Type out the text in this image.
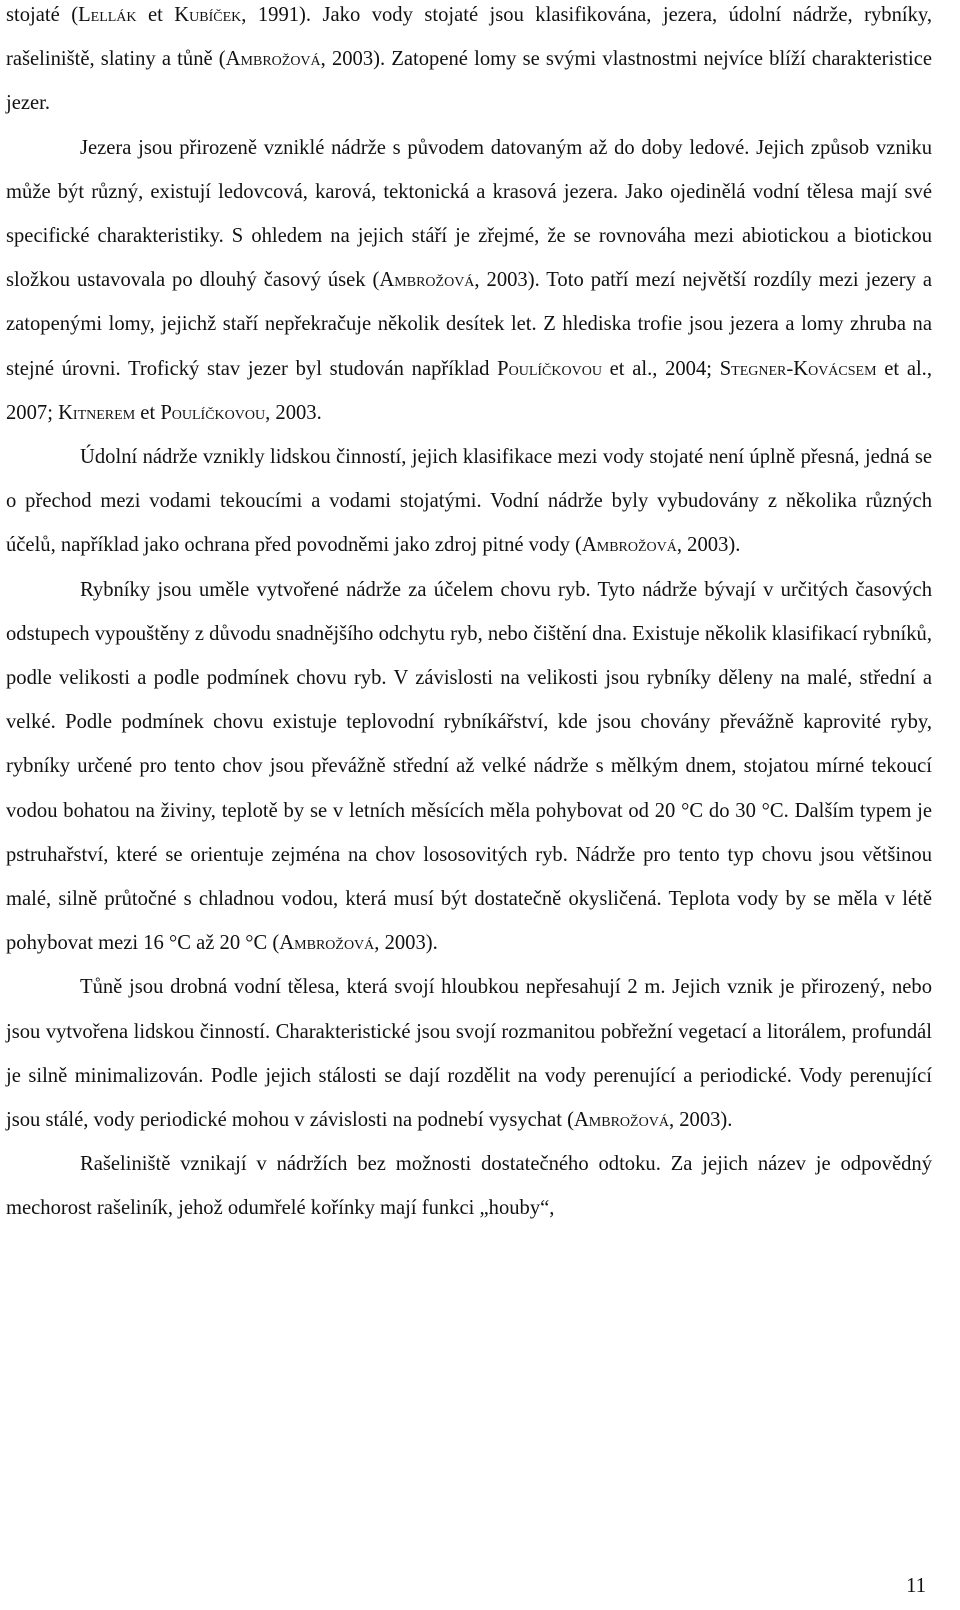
stojaté (Lellák et Kubíček, 1991). Jako vody stojaté jsou klasifikována, jezera, údolní nádrže, rybníky, rašeliniště, slatiny a tůně (Ambrožová, 2003). Zatopené lomy se svými vlastnostmi nejvíce blíží charakteristice jezer.

Jezera jsou přirozeně vzniklé nádrže s původem datovaným až do doby ledové. Jejich způsob vzniku může být různý, existují ledovcová, karová, tektonická a krasová jezera. Jako ojedinělá vodní tělesa mají své specifické charakteristiky. S ohledem na jejich stáří je zřejmé, že se rovnováha mezi abiotickou a biotickou složkou ustavovala po dlouhý časový úsek (Ambrožová, 2003). Toto patří mezí největší rozdíly mezi jezery a zatopenými lomy, jejichž staří nepřekračuje několik desítek let. Z hlediska trofie jsou jezera a lomy zhruba na stejné úrovni. Trofický stav jezer byl studován například Poulíčkovou et al., 2004; Stegner-Kovácsem et al., 2007; Kitnerem et Poulíčkovou, 2003.

Údolní nádrže vznikly lidskou činností, jejich klasifikace mezi vody stojaté není úplně přesná, jedná se o přechod mezi vodami tekoucími a vodami stojatými. Vodní nádrže byly vybudovány z několika různých účelů, například jako ochrana před povodněmi jako zdroj pitné vody (Ambrožová, 2003).

Rybníky jsou uměle vytvořené nádrže za účelem chovu ryb. Tyto nádrže bývají v určitých časových odstupech vypouštěny z důvodu snadnějšího odchytu ryb, nebo čištění dna. Existuje několik klasifikací rybníků, podle velikosti a podle podmínek chovu ryb. V závislosti na velikosti jsou rybníky děleny na malé, střední a velké. Podle podmínek chovu existuje teplovodní rybníkářství, kde jsou chovány převážně kaprovité ryby, rybníky určené pro tento chov jsou převážně střední až velké nádrže s mělkým dnem, stojatou mírné tekoucí vodou bohatou na živiny, teplotě by se v letních měsících měla pohybovat od 20 °C do 30 °C. Dalším typem je pstruhařství, které se orientuje zejména na chov lososovitých ryb. Nádrže pro tento typ chovu jsou většinou malé, silně průtočné s chladnou vodou, která musí být dostatečně okysličená. Teplota vody by se měla v létě pohybovat mezi 16 °C až 20 °C (Ambrožová, 2003).

Tůně jsou drobná vodní tělesa, která svojí hloubkou nepřesahují 2 m. Jejich vznik je přirozený, nebo jsou vytvořena lidskou činností. Charakteristické jsou svojí rozmanitou pobřežní vegetací a litorálem, profundál je silně minimalizován. Podle jejich stálosti se dají rozdělit na vody perenující a periodické. Vody perenující jsou stálé, vody periodické mohou v závislosti na podnebí vysychat (Ambrožová, 2003).

Rašeliniště vznikají v nádržích bez možnosti dostatečného odtoku. Za jejich název je odpovědný mechorost rašeliník, jehož odumřelé kořínky mají funkci „houby“,

11
